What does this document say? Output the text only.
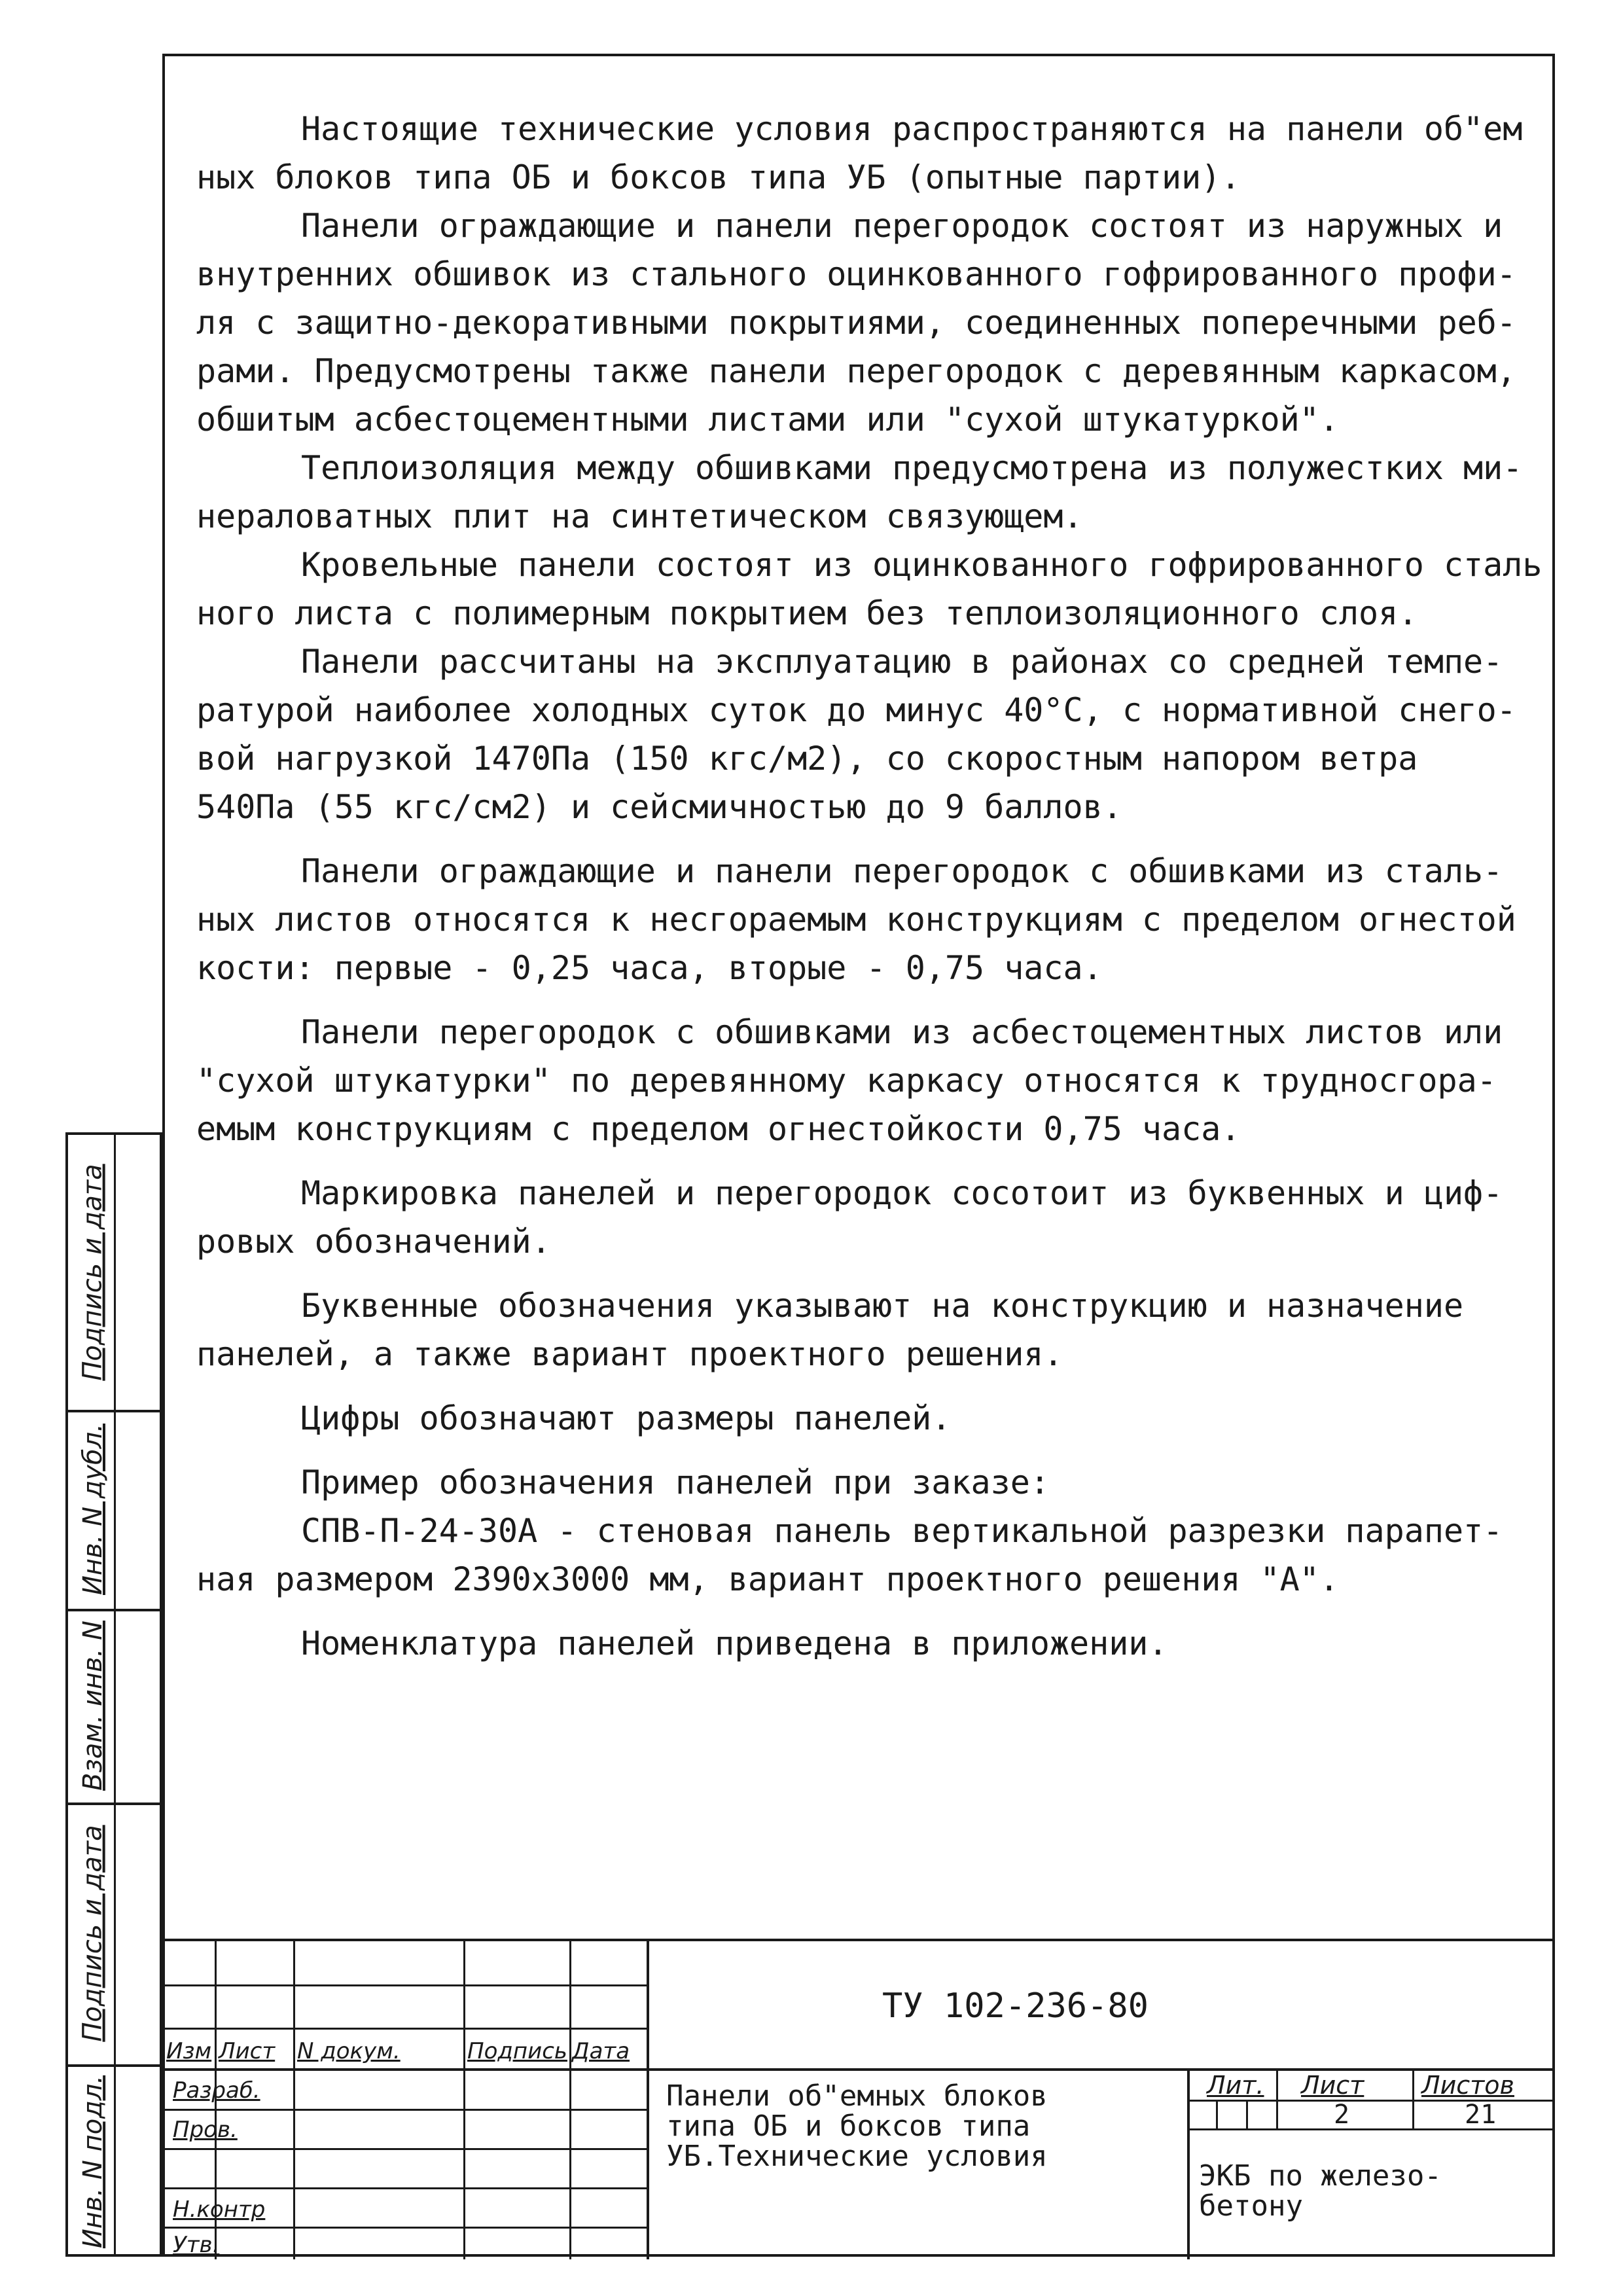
Настоящие технические условия распространяются на панели об"ем

ных блоков типа ОБ и боксов типа УБ (опытные партии).

Панели ограждающие и панели перегородок состоят из наружных и

внутренних обшивок из стального оцинкованного гофрированного профи-

ля с защитно-декоративными покрытиями, соединенных поперечными реб-

рами. Предусмотрены также панели перегородок с деревянным каркасом,

обшитым асбестоцементными листами или "сухой штукатуркой".

Теплоизоляция между обшивками предусмотрена из полужестких ми-

нераловатных плит на синтетическом связующем.

Кровельные панели состоят из оцинкованного гофрированного сталь

ного листа с полимерным покрытием без теплоизоляционного слоя.

Панели рассчитаны на эксплуатацию в районах со средней темпе-

ратурой наиболее холодных суток до минус 40°С, с нормативной снего-

вой нагрузкой 1470Па (150 кгс/м2), со скоростным напором ветра

540Па (55 кгс/см2) и сейсмичностью до 9 баллов.

Панели ограждающие и панели перегородок с обшивками из сталь-

ных листов относятся к несгораемым конструкциям с пределом огнестой

кости: первые - 0,25 часа, вторые - 0,75 часа.

Панели перегородок с обшивками из асбестоцементных листов или

"сухой штукатурки" по деревянному каркасу относятся к трудносгора-

емым конструкциям с пределом огнестойкости 0,75 часа.

Маркировка панелей и перегородок сосотоит из буквенных и циф-

ровых обозначений.

Буквенные обозначения указывают на конструкцию и назначение

панелей, а также вариант проектного решения.

Цифры обозначают размеры панелей.

Пример обозначения панелей при заказе:

СПВ-П-24-30А - стеновая панель вертикальной разрезки парапет-

ная размером 2390х3000 мм, вариант проектного решения "А".

Номенклатура панелей приведена в приложении.

Подпись и дата
Инв. N дубл.
Взам. инв. N
Подпись и дата
Инв. N подл.
Изм Лист N докум.	Подпись Дата
Разраб.
Пров.
Н.контр
Утв.
ТУ 102-236-80
Панели об"емных блоков
типа ОБ и боксов типа
УБ.Технические условия
Лит. Лист Листов
2	21
ЭКБ по железо-
бетону
